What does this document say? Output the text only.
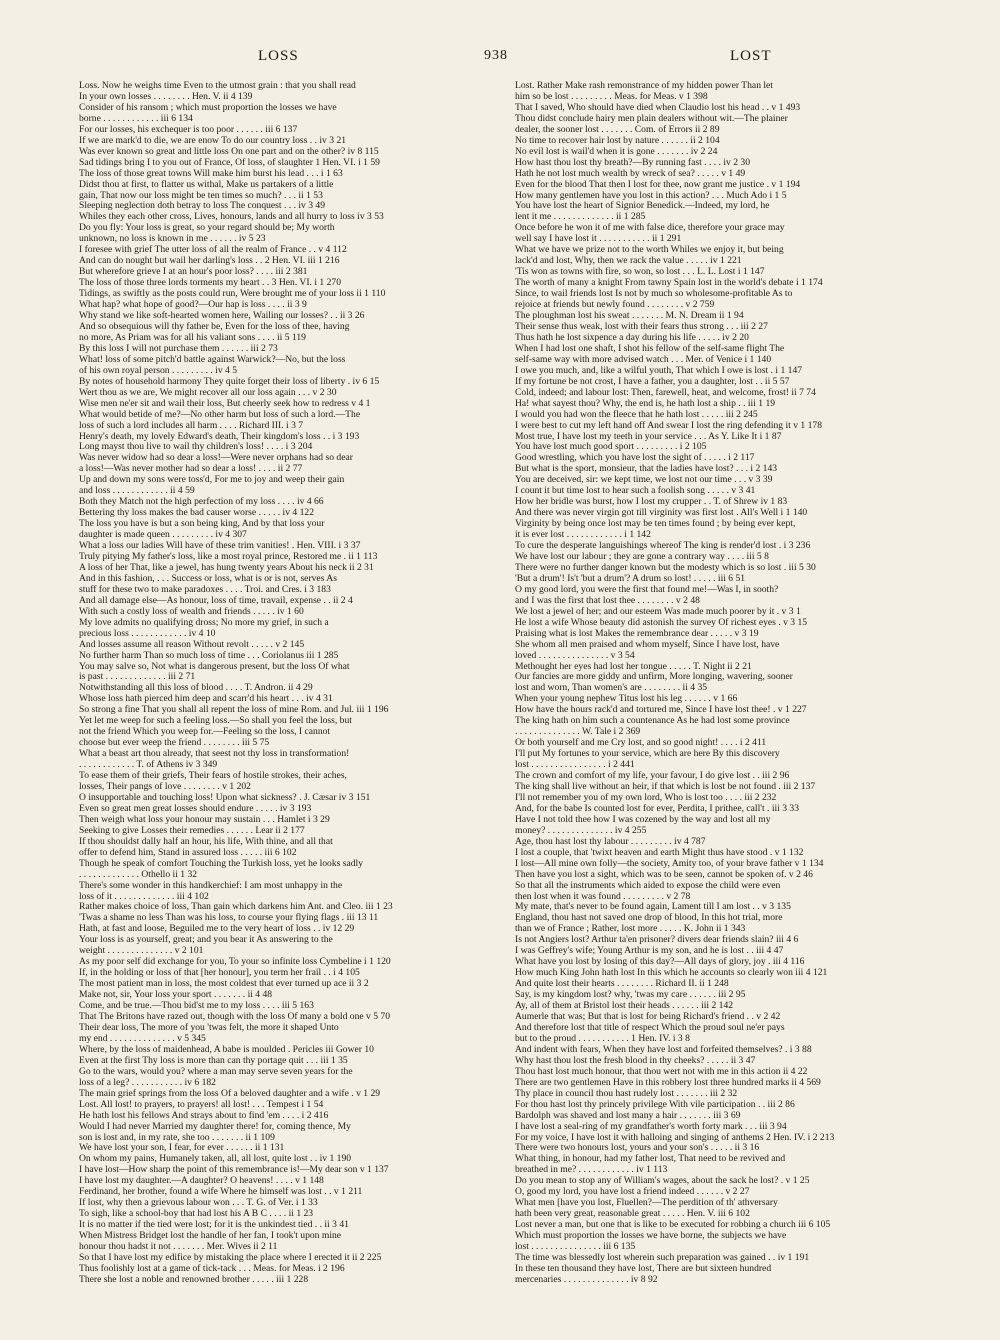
LOSS	938	LOST
Loss. Now he weighs time Even to the utmost grain : that you shall read
In your own losses . . . . . . . . Hen. V. ii 4 139
Consider of his ransom ; which must proportion the losses we have
borne . . . . . . . . . . . . iii 6 134
For our losses, his exchequer is too poor . . . . . . iii 6 137
If we are mark'd to die, we are enow To do our country loss . . iv 3 21
Was ever known so great and little loss On one part and on the other? iv 8 115
Sad tidings bring I to you out of France, Of loss, of slaughter 1 Hen. VI. i 1 59
The loss of those great towns Will make him burst his lead . . . i 1 63
Didst thou at first, to flatter us withal, Make us partakers of a little
gain, That now our loss might be ten times so much? . . . ii 1 53
Sleeping neglection doth betray to loss The conquest . . . iv 3 49
Whiles they each other cross, Lives, honours, lands and all hurry to loss iv 3 53
Do you fly: Your loss is great, so your regard should be; My worth
unknown, no loss is known in me . . . . . . iv 5 23
I foresee with grief The utter loss of all the realm of France . . v 4 112
And can do nought but wail her darling's loss . . 2 Hen. VI. iii 1 216
But wherefore grieve I at an hour's poor loss? . . . . iii 2 381
The loss of those three lords torments my heart . . 3 Hen. VI. i 1 270
Tidings, as swiftly as the posts could run, Were brought me of your loss ii 1 110
What hap? what hope of good?—Our hap is loss . . . . ii 3 9
Why stand we like soft-hearted women here, Wailing our losses? . . ii 3 26
And so obsequious will thy father be, Even for the loss of thee, having
no more, As Priam was for all his valiant sons . . . . ii 5 119
By this loss I will not purchase them . . . . . . iii 2 73
What! loss of some pitch'd battle against Warwick?—No, but the loss
of his own royal person . . . . . . . . . iv 4 5
By notes of household harmony They quite forget their loss of liberty . iv 6 15
Wert thou as we are, We might recover all our loss again . . . v 2 30
Wise men ne'er sit and wail their loss, But cheerly seek how to redress v 4 1
What would betide of me?—No other harm but loss of such a lord.—The
loss of such a lord includes all harm . . . . Richard III. i 3 7
Henry's death, my lovely Edward's death, Their kingdom's loss . . i 3 193
Long mayst thou live to wail thy children's loss! . . . . i 3 204
Was never widow had so dear a loss!—Were never orphans had so dear
a loss!—Was never mother had so dear a loss! . . . . ii 2 77
Up and down my sons were toss'd, For me to joy and weep their gain
and loss . . . . . . . . . . . . ii 4 59
Both they Match not the high perfection of my loss . . . . iv 4 66
Bettering thy loss makes the bad causer worse . . . . . iv 4 122
The loss you have is but a son being king, And by that loss your
daughter is made queen . . . . . . . . . iv 4 307
What a loss our ladies Will have of these trim vanities! . Hen. VIII. i 3 37
Truly pitying My father's loss, like a most royal prince, Restored me . ii 1 113
A loss of her That, like a jewel, has hung twenty years About his neck ii 2 31
And in this fashion, . . . Success or loss, what is or is not, serves As
stuff for these two to make paradoxes . . . . Troi. and Cres. i 3 183
And all damage else—As honour, loss of time, travail, expense . . ii 2 4
With such a costly loss of wealth and friends . . . . . iv 1 60
My love admits no qualifying dross; No more my grief, in such a
precious loss . . . . . . . . . . . . iv 4 10
And losses assume all reason Without revolt . . . . . v 2 145
No further harm Than so much loss of time . . . Coriolanus iii 1 285
You may salve so, Not what is dangerous present, but the loss Of what
is past . . . . . . . . . . . . . iii 2 71
Notwithstanding all this loss of blood . . . . T. Andron. ii 4 29
Whose loss hath pierced him deep and scarr'd his heart . . . iv 4 31
So strong a fine That you shall all repent the loss of mine Rom. and Jul. iii 1 196
Yet let me weep for such a feeling loss.—So shall you feel the loss, but
not the friend Which you weep for.—Feeling so the loss, I cannot
choose but ever weep the friend . . . . . . . . iii 5 75
What a beast art thou already, that seest not thy loss in transformation!
. . . . . . . . . . . . T. of Athens iv 3 349
To ease them of their griefs, Their fears of hostile strokes, their aches,
losses, Their pangs of love . . . . . . . . v 1 202
O insupportable and touching loss! Upon what sickness? . J. Cæsar iv 3 151
Even so great men great losses should endure . . . . . iv 3 193
Then weigh what loss your honour may sustain . . . Hamlet i 3 29
Seeking to give Losses their remedies . . . . . . Lear ii 2 177
If thou shouldst dally half an hour, his life, With thine, and all that
offer to defend him, Stand in assured loss . . . . . iii 6 102
Though he speak of comfort Touching the Turkish loss, yet he looks sadly
. . . . . . . . . . . . . Othello ii 1 32
There's some wonder in this handkerchief: I am most unhappy in the
loss of it . . . . . . . . . . . . . iii 4 102
Rather makes choice of loss, Than gain which darkens him Ant. and Cleo. iii 1 23
'Twas a shame no less Than was his loss, to course your flying flags . iii 13 11
Hath, at fast and loose, Beguiled me to the very heart of loss . . iv 12 29
Your loss is as yourself, great; and you bear it As answering to the
weight . . . . . . . . . . . . . . v 2 101
As my poor self did exchange for you, To your so infinite loss Cymbeline i 1 120
If, in the holding or loss of that [her honour], you term her frail . . i 4 105
The most patient man in loss, the most coldest that ever turned up ace ii 3 2
Make not, sir, Your loss your sport . . . . . . . ii 4 48
Come, and be true.—Thou bid'st me to my loss . . . . iii 5 163
That The Britons have razed out, though with the loss Of many a bold one v 5 70
Their dear loss, The more of you 'twas felt, the more it shaped Unto
my end . . . . . . . . . . . . . . v 5 345
Where, by the loss of maidenhead, A babe is moulded . Pericles iii Gower 10
Even at the first Thy loss is more than can thy portage quit . . . iii 1 35
Go to the wars, would you? where a man may serve seven years for the
loss of a leg? . . . . . . . . . . . iv 6 182
The main grief springs from the loss Of a beloved daughter and a wife . v 1 29
Lost. All lost! to prayers, to prayers! all lost! . . . Tempest i 1 54
He hath lost his fellows And strays about to find 'em . . . . i 2 416
Would I had never Married my daughter there! for, coming thence, My
son is lost and, in my rate, she too . . . . . . . ii 1 109
We have lost your son, I fear, for ever . . . . . . ii 1 131
On whom my pains, Humanely taken, all, all lost, quite lost . . iv 1 190
I have lost—How sharp the point of this remembrance is!—My dear son v 1 137
I have lost my daughter.—A daughter? O heavens! . . . . v 1 148
Ferdinand, her brother, found a wife Where he himself was lost . . v 1 211
If lost, why then a grievous labour won . . . T. G. of Ver. i 1 33
To sigh, like a school-boy that had lost his A B C . . . . ii 1 23
It is no matter if the tied were lost; for it is the unkindest tied . . ii 3 41
When Mistress Bridget lost the handle of her fan, I took't upon mine
honour thou hadst it not . . . . . . . Mer. Wives ii 2 11
So that I have lost my edifice by mistaking the place where I erected it ii 2 225
Thus foolishly lost at a game of tick-tack . . . Meas. for Meas. i 2 196
There she lost a noble and renowned brother . . . . . iii 1 228
Lost. Rather Make rash remonstrance of my hidden power Than let
him so be lost . . . . . . . . . Meas. for Meas. v 1 398
That I saved, Who should have died when Claudio lost his head . . v 1 493
Thou didst conclude hairy men plain dealers without wit.—The plainer
dealer, the sooner lost . . . . . . . Com. of Errors ii 2 89
No time to recover hair lost by nature . . . . . . ii 2 104
No evil lost is wail'd when it is gone . . . . . . . iv 2 24
How hast thou lost thy breath?—By running fast . . . . iv 2 30
Hath he not lost much wealth by wreck of sea? . . . . . v 1 49
Even for the blood That then I lost for thee, now grant me justice . v 1 194
How many gentlemen have you lost in this action? . . . Much Ado i 1 5
You have lost the heart of Signior Benedick.—Indeed, my lord, he
lent it me . . . . . . . . . . . . . ii 1 285
Once before he won it of me with false dice, therefore your grace may
well say I have lost it . . . . . . . . . . . ii 1 291
What we have we prize not to the worth Whiles we enjoy it, but being
lack'd and lost, Why, then we rack the value . . . . . iv 1 221
'Tis won as towns with fire, so won, so lost . . . L. L. Lost i 1 147
The worth of many a knight From tawny Spain lost in the world's debate i 1 174
Since, to wail friends lost Is not by much so wholesome-profitable As to
rejoice at friends but newly found . . . . . . . . v 2 759
The ploughman lost his sweat . . . . . . . M. N. Dream ii 1 94
Their sense thus weak, lost with their fears thus strong . . . iii 2 27
Thus hath he lost sixpence a day during his life . . . . . iv 2 20
When I had lost one shaft, I shot his fellow of the self-same flight The
self-same way with more advised watch . . . Mer. of Venice i 1 140
I owe you much, and, like a wilful youth, That which I owe is lost . i 1 147
If my fortune be not crost, I have a father, you a daughter, lost . . ii 5 57
Cold, indeed; and labour lost: Then, farewell, heat, and welcome, frost! ii 7 74
Ha! what sayest thou? Why, the end is, he hath lost a ship . . iii 1 19
I would you had won the fleece that he hath lost . . . . . iii 2 245
I were best to cut my left hand off And swear I lost the ring defending it v 1 178
Most true, I have lost my teeth in your service . . . As Y. Like It i 1 87
You have lost much good sport . . . . . . . . . i 2 105
Good wrestling, which you have lost the sight of . . . . . i 2 117
But what is the sport, monsieur, that the ladies have lost? . . . i 2 143
You are deceived, sir: we kept time, we lost not our time . . . v 3 39
I count it but time lost to hear such a foolish song . . . . . v 3 41
How her bridle was burst, how I lost my crupper . . T. of Shrew iv 1 83
And there was never virgin got till virginity was first lost . All's Well i 1 140
Virginity by being once lost may be ten times found ; by being ever kept,
it is ever lost . . . . . . . . . . . . i 1 142
To cure the desperate languishings whereof The king is render'd lost . i 3 236
We have lost our labour ; they are gone a contrary way . . . . iii 5 8
There were no further danger known but the modesty which is so lost . iii 5 30
'But a drum'! Is't 'but a drum'? A drum so lost! . . . . . iii 6 51
O my good lord, you were the first that found me!—Was I, in sooth?
and I was the first that lost thee . . . . . . . . v 2 48
We lost a jewel of her; and our esteem Was made much poorer by it . v 3 1
He lost a wife Whose beauty did astonish the survey Of richest eyes . v 3 15
Praising what is lost Makes the remembrance dear . . . . . v 3 19
She whom all men praised and whom myself, Since I have lost, have
loved . . . . . . . . . . . . . . . v 3 54
Methought her eyes had lost her tongue . . . . . T. Night ii 2 21
Our fancies are more giddy and unfirm, More longing, wavering, sooner
lost and worn, Than women's are . . . . . . . . ii 4 35
When your young nephew Titus lost his leg . . . . . . v 1 66
How have the hours rack'd and tortured me, Since I have lost thee! . v 1 227
The king hath on him such a countenance As he had lost some province
. . . . . . . . . . . . . . W. Tale i 2 369
Or both yourself and me Cry lost, and so good night! . . . . i 2 411
I'll put My fortunes to your service, which are here By this discovery
lost . . . . . . . . . . . . . . . . i 2 441
The crown and comfort of my life, your favour, I do give lost . . iii 2 96
The king shall live without an heir, if that which is lost be not found . iii 2 137
I'll not remember you of my own lord, Who is lost too . . . . iii 2 232
And, for the babe Is counted lost for ever, Perdita, I prithee, call't . iii 3 33
Have I not told thee how I was cozened by the way and lost all my
money? . . . . . . . . . . . . . . iv 4 255
Age, thou hast lost thy labour . . . . . . . . . iv 4 787
I lost a couple, that 'twixt heaven and earth Might thus have stood . v 1 132
I lost—All mine own folly—the society, Amity too, of your brave father v 1 134
Then have you lost a sight, which was to be seen, cannot be spoken of. v 2 46
So that all the instruments which aided to expose the child were even
then lost when it was found . . . . . . . . . v 2 78
My mate, that's never to be found again, Lament till I am lost . . v 3 135
England, thou hast not saved one drop of blood, In this hot trial, more
than we of France ; Rather, lost more . . . . . K. John ii 1 343
Is not Angiers lost? Arthur ta'en prisoner? divers dear friends slain? iii 4 6
I was Geffrey's wife; Young Arthur is my son, and he is lost . . iii 4 47
What have you lost by losing of this day?—All days of glory, joy . iii 4 116
How much King John hath lost In this which he accounts so clearly won iii 4 121
And quite lost their hearts . . . . . . . . Richard II. ii 1 248
Say, is my kingdom lost? why, 'twas my care . . . . . . iii 2 95
Ay, all of them at Bristol lost their heads . . . . . . iii 2 142
Aumerle that was; But that is lost for being Richard's friend . . v 2 42
And therefore lost that title of respect Which the proud soul ne'er pays
but to the proud . . . . . . . . . . . 1 Hen. IV. i 3 8
And indent with fears, When they have lost and forfeited themselves? . i 3 88
Why hast thou lost the fresh blood in thy cheeks? . . . . . ii 3 47
Thou hast lost much honour, that thou wert not with me in this action ii 4 22
There are two gentlemen Have in this robbery lost three hundred marks ii 4 569
Thy place in council thou hast rudely lost . . . . . . . iii 2 32
For thou hast lost thy princely privilege With vile participation . . iii 2 86
Bardolph was shaved and lost many a hair . . . . . . . iii 3 69
I have lost a seal-ring of my grandfather's worth forty mark . . . iii 3 94
For my voice, I have lost it with halloing and singing of anthems 2 Hen. IV. i 2 213
There were two honours lost, yours and your son's . . . . . ii 3 16
What thing, in honour, had my father lost, That need to be revived and
breathed in me? . . . . . . . . . . . . iv 1 113
Do you mean to stop any of William's wages, about the sack he lost? . v 1 25
O, good my lord, you have lost a friend indeed . . . . . . v 2 27
What men [have you lost, Fluellen?—The perdition of th' athversary
hath been very great, reasonable great . . . . . Hen. V. iii 6 102
Lost never a man, but one that is like to be executed for robbing a church iii 6 105
Which must proportion the losses we have borne, the subjects we have
lost . . . . . . . . . . . . . . . iii 6 135
The time was blessedly lost wherein such preparation was gained . . iv 1 191
In these ten thousand they have lost, There are but sixteen hundred
mercenaries . . . . . . . . . . . . . . iv 8 92
